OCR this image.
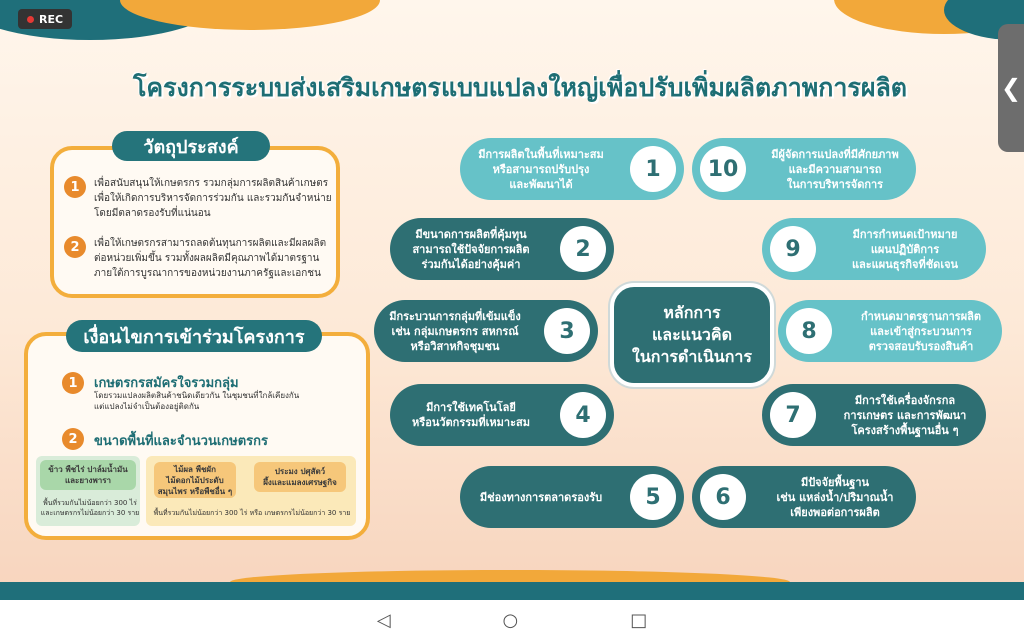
โครงการระบบส่งเสริมเกษตรแบบแปลงใหญ่เพื่อปรับเพิ่มผลิตภาพการผลิต
1	เพื่อสนับสนุนให้เกษตรกร รวมกลุ่มการผลิตสินค้าเกษตร
เพื่อให้เกิดการบริหารจัดการร่วมกัน และรวมกันจำหน่าย
โดยมีตลาดรองรับที่แน่นอน
2	เพื่อให้เกษตรกรสามารถลดต้นทุนการผลิตและมีผลผลิต
ต่อหน่วยเพิ่มขึ้น รวมทั้งผลผลิตมีคุณภาพได้มาตรฐาน
ภายใต้การบูรณาการของหน่วยงานภาครัฐและเอกชน
วัตถุประสงค์
1	เกษตรกรสมัครใจรวมกลุ่ม
โดยรวมแปลงผลิตสินค้าชนิดเดียวกัน ในชุมชนที่ใกล้เคียงกัน
แต่แปลงไม่จำเป็นต้องอยู่ติดกัน
2	ขนาดพื้นที่และจำนวนเกษตรกร
ข้าว พืชไร่ ปาล์มน้ำมัน
และยางพารา
พื้นที่รวมกันไม่น้อยกว่า 300 ไร่
และเกษตรกรไม่น้อยกว่า 30 ราย
ไม้ผล พืชผัก
ไม้ดอกไม้ประดับ
สมุนไพร หรือพืชอื่น ๆ
ประมง ปศุสัตว์
ผึ้งและแมลงเศรษฐกิจ
พื้นที่รวมกันไม่น้อยกว่า 300 ไร่ หรือ เกษตรกรไม่น้อยกว่า 30 ราย
เงื่อนไขการเข้าร่วมโครงการ
หลักการ
และแนวคิด
ในการดำเนินการ
มีการผลิตในพื้นที่เหมาะสม
หรือสามารถปรับปรุง
และพัฒนาได้
1
มีขนาดการผลิตที่คุ้มทุน
สามารถใช้ปัจจัยการผลิต
ร่วมกันได้อย่างคุ้มค่า
2
มีกระบวนการกลุ่มที่เข้มแข็ง
เช่น กลุ่มเกษตรกร สหกรณ์
หรือวิสาหกิจชุมชน
3
มีการใช้เทคโนโลยี
หรือนวัตกรรมที่เหมาะสม	4
มีช่องทางการตลาดรองรับ	5
10
มีผู้จัดการแปลงที่มีศักยภาพ
และมีความสามารถ
ในการบริหารจัดการ
9
มีการกำหนดเป้าหมาย
แผนปฏิบัติการ
และแผนธุรกิจที่ชัดเจน
8
กำหนดมาตรฐานการผลิต
และเข้าสู่กระบวนการ
ตรวจสอบรับรองสินค้า
7
มีการใช้เครื่องจักรกล
การเกษตร และการพัฒนา
โครงสร้างพื้นฐานอื่น ๆ
6
มีปัจจัยพื้นฐาน
เช่น แหล่งน้ำ/ปริมาณน้ำ
เพียงพอต่อการผลิต
REC
❮
◁	○	□
